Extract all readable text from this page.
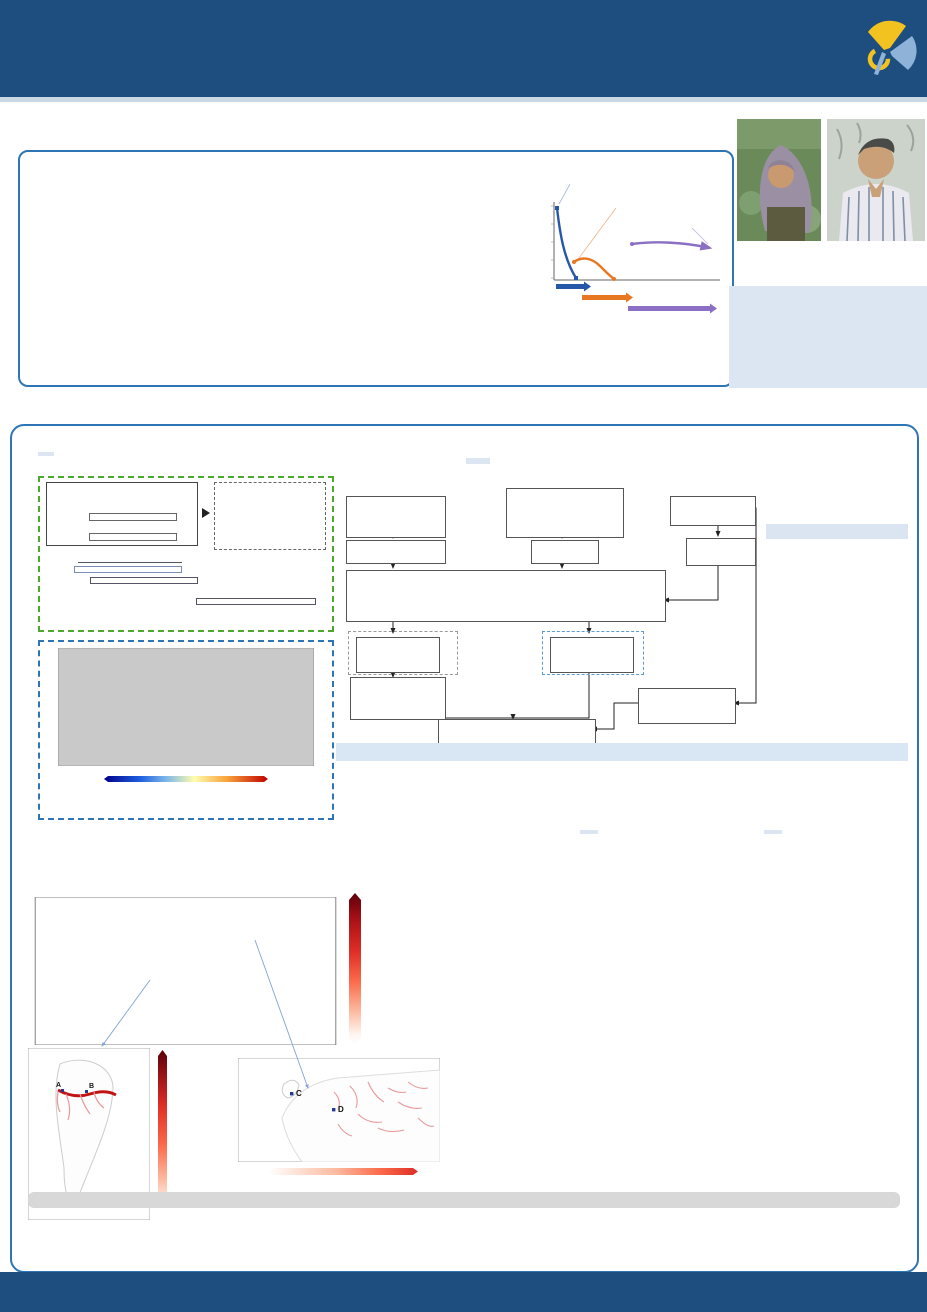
A	B
C
D
